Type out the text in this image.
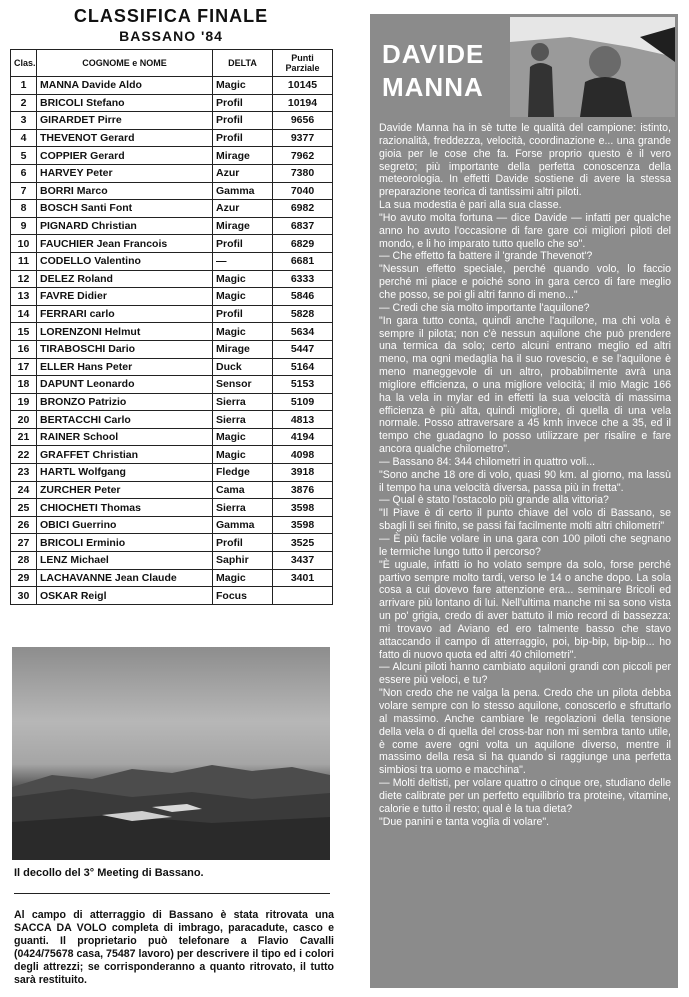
CLASSIFICA FINALE
BASSANO '84
Clas.	COGNOME e NOME	DELTA	Punti
Parziale
1	MANNA Davide Aldo	Magic	10145
2	BRICOLI Stefano	Profil	10194
3	GIRARDET Pirre	Profil	9656
4	THEVENOT Gerard	Profil	9377
5	COPPIER Gerard	Mirage	7962
6	HARVEY Peter	Azur	7380
7	BORRI Marco	Gamma	7040
8	BOSCH Santi Font	Azur	6982
9	PIGNARD Christian	Mirage	6837
10	FAUCHIER Jean Francois	Profil	6829
11	CODELLO Valentino	—	6681
12	DELEZ Roland	Magic	6333
13	FAVRE Didier	Magic	5846
14	FERRARI carlo	Profil	5828
15	LORENZONI Helmut	Magic	5634
16	TIRABOSCHI Dario	Mirage	5447
17	ELLER Hans Peter	Duck	5164
18	DAPUNT Leonardo	Sensor	5153
19	BRONZO Patrizio	Sierra	5109
20	BERTACCHI Carlo	Sierra	4813
21	RAINER School	Magic	4194
22	GRAFFET Christian	Magic	4098
23	HARTL Wolfgang	Fledge	3918
24	ZURCHER Peter	Cama	3876
25	CHIOCHETI Thomas	Sierra	3598
26	OBICI Guerrino	Gamma	3598
27	BRICOLI Erminio	Profil	3525
28	LENZ Michael	Saphir	3437
29	LACHAVANNE Jean Claude	Magic	3401
30	OSKAR Reigl	Focus	
Il decollo del 3° Meeting di Bassano.
Al campo di atterraggio di Bassano è stata ritrovata una SACCA DA VOLO completa di imbrago, paracadute, casco e guanti. Il proprietario può telefonare a Flavio Cavalli (0424/75678 casa, 75487 lavoro) per descrivere il tipo ed i colori degli attrezzi; se corrisponderanno a quanto ritrovato, il tutto sarà restituito.
DAVIDE
MANNA

Davide Manna ha in sè tutte le qualità del campione: istinto, razionalità, freddezza, velocità, coordinazione e... una grande gioia per le cose che fa. Forse proprio questo è il vero segreto; più importante della perfetta conoscenza della meteorologia. In effetti Davide sostiene di avere la stessa preparazione teorica di tantissimi altri piloti.

La sua modestia è pari alla sua classe.

"Ho avuto molta fortuna — dice Davide — infatti per qualche anno ho avuto l'occasione di fare gare coi migliori piloti del mondo, e li ho imparato tutto quello che so".

— Che effetto fa battere il 'grande Thevenot'?

"Nessun effetto speciale, perché quando volo, lo faccio perché mi piace e poiché sono in gara cerco di fare meglio che posso, se poi gli altri fanno di meno..."

— Credi che sia molto importante l'aquilone?

"In gara tutto conta, quindi anche l'aquilone, ma chi vola è sempre il pilota; non c'è nessun aquilone che può prendere una termica da solo; certo alcuni entrano meglio ed altri meno, ma ogni medaglia ha il suo rovescio, e se l'aquilone è meno maneggevole di un altro, probabilmente avrà una migliore efficienza, o una migliore velocità; il mio Magic 166 ha la vela in mylar ed in effetti la sua velocità di massima efficienza è più alta, quindi migliore, di quella di una vela normale. Posso attraversare a 45 kmh invece che a 35, ed il tempo che guadagno lo posso utilizzare per risalire e fare ancora qualche chilometro".

— Bassano 84: 344 chilometri in quattro voli...

"Sono anche 18 ore di volo, quasi 90 km. al giorno, ma lassù il tempo ha una velocità diversa, passa più in fretta".

— Qual è stato l'ostacolo più grande alla vittoria?

"Il Piave è di certo il punto chiave del volo di Bassano, se sbagli lì sei finito, se passi fai facilmente molti altri chilometri"

— È più facile volare in una gara con 100 piloti che segnano le termiche lungo tutto il percorso?

"È uguale, infatti io ho volato sempre da solo, forse perché partivo sempre molto tardi, verso le 14 o anche dopo. La sola cosa a cui dovevo fare attenzione era... seminare Bricoli ed arrivare più lontano di lui. Nell'ultima manche mi sa sono vista un po' grigia, credo di aver battuto il mio record di bassezza: mi trovavo ad Aviano ed ero talmente basso che stavo attaccando il campo di atterraggio, poi, bip-bip, bip-bip... ho fatto di nuovo quota ed altri 40 chilometri".

— Alcuni piloti hanno cambiato aquiloni grandi con piccoli per essere più veloci, e tu?

"Non credo che ne valga la pena. Credo che un pilota debba volare sempre con lo stesso aquilone, conoscerlo e sfruttarlo al massimo. Anche cambiare le regolazioni della tensione della vela o di quella del cross-bar non mi sembra tanto utile, è come avere ogni volta un aquilone diverso, mentre il massimo della resa si ha quando si raggiunge una perfetta simbiosi tra uomo e macchina".

— Molti deltisti, per volare quattro o cinque ore, studiano delle diete calibrate per un perfetto equilibrio tra proteine, vitamine, calorie e tutto il resto; qual è la tua dieta?

"Due panini e tanta voglia di volare".
